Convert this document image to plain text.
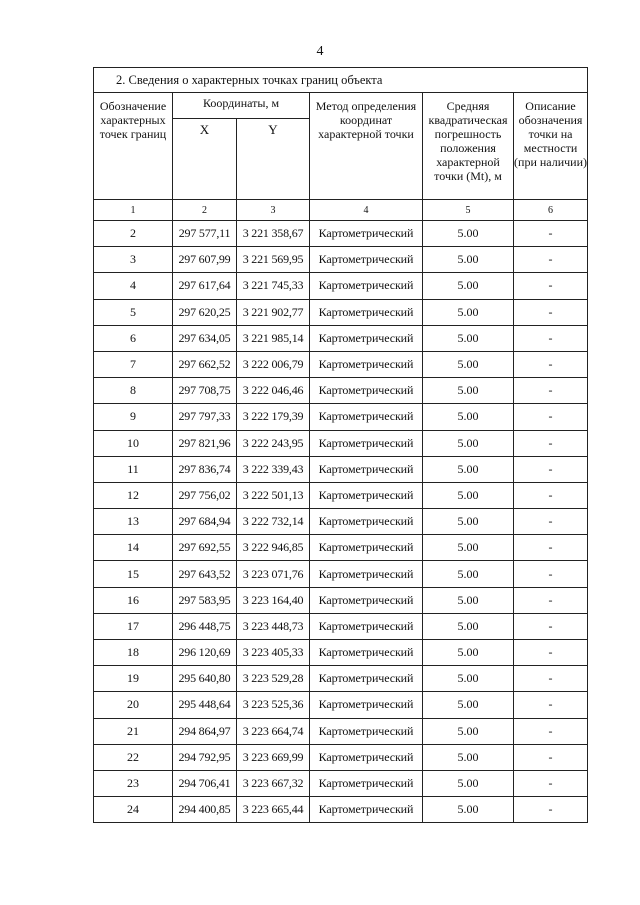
4
2. Сведения о характерных точках границ объекта					
Обозначение характерных точек границ	Координаты, м		Метод определения координат характерной точки	Средняя квадратическая погрешность положения характерной точки (Mt), м	Описание обозначения точки на местности (при наличии)
	X	Y			
1	2	3	4	5	6
2	297 577,11	3 221 358,67	Картометрический	5.00	-
3	297 607,99	3 221 569,95	Картометрический	5.00	-
4	297 617,64	3 221 745,33	Картометрический	5.00	-
5	297 620,25	3 221 902,77	Картометрический	5.00	-
6	297 634,05	3 221 985,14	Картометрический	5.00	-
7	297 662,52	3 222 006,79	Картометрический	5.00	-
8	297 708,75	3 222 046,46	Картометрический	5.00	-
9	297 797,33	3 222 179,39	Картометрический	5.00	-
10	297 821,96	3 222 243,95	Картометрический	5.00	-
11	297 836,74	3 222 339,43	Картометрический	5.00	-
12	297 756,02	3 222 501,13	Картометрический	5.00	-
13	297 684,94	3 222 732,14	Картометрический	5.00	-
14	297 692,55	3 222 946,85	Картометрический	5.00	-
15	297 643,52	3 223 071,76	Картометрический	5.00	-
16	297 583,95	3 223 164,40	Картометрический	5.00	-
17	296 448,75	3 223 448,73	Картометрический	5.00	-
18	296 120,69	3 223 405,33	Картометрический	5.00	-
19	295 640,80	3 223 529,28	Картометрический	5.00	-
20	295 448,64	3 223 525,36	Картометрический	5.00	-
21	294 864,97	3 223 664,74	Картометрический	5.00	-
22	294 792,95	3 223 669,99	Картометрический	5.00	-
23	294 706,41	3 223 667,32	Картометрический	5.00	-
24	294 400,85	3 223 665,44	Картометрический	5.00	-
